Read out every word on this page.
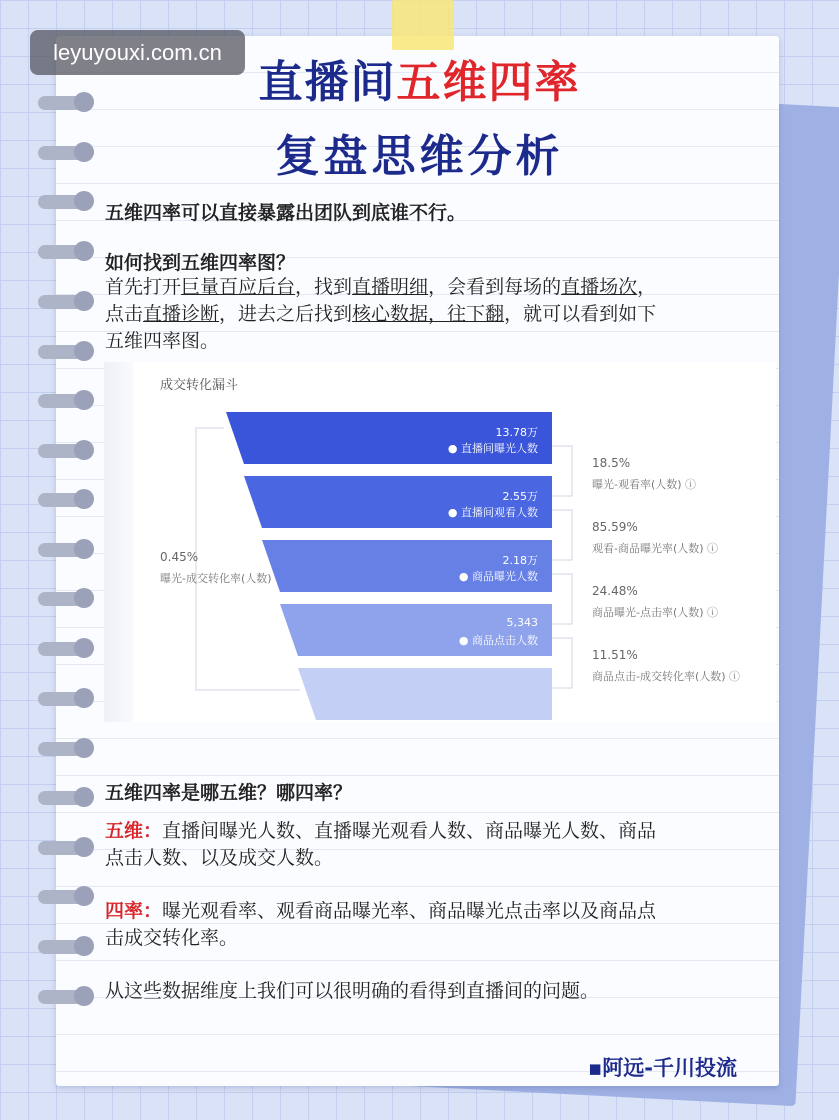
leyuyouxi.com.cn
直播间五维四率
复盘思维分析
五维四率可以直接暴露出团队到底谁不行。
如何找到五维四率图？
首先打开巨量百应后台，找到直播明细，会看到每场的直播场次，
点击直播诊断，进去之后找到核心数据，往下翻，就可以看到如下
五维四率图。
成交转化漏斗
13.78万
● 直播间曝光人数
2.55万
● 直播间观看人数
2.18万
● 商品曝光人数
5,343
● 商品点击人数
0.45%
曝光-成交转化率(人数)
18.5%
曝光-观看率(人数) ⓘ
85.59%
观看-商品曝光率(人数) ⓘ
24.48%
商品曝光-点击率(人数) ⓘ
11.51%
商品点击-成交转化率(人数) ⓘ
五维四率是哪五维？哪四率？
五维：直播间曝光人数、直播曝光观看人数、商品曝光人数、商品
点击人数、以及成交人数。
四率：曝光观看率、观看商品曝光率、商品曝光点击率以及商品点
击成交转化率。
从这些数据维度上我们可以很明确的看得到直播间的问题。
▪阿远-千川投流
